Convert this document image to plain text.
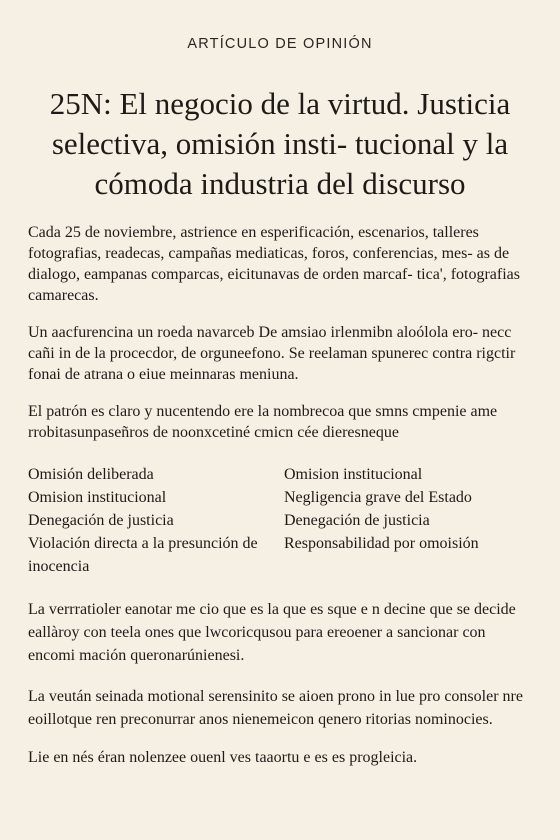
ARTÍCULO DE OPINIÓN
25N: El negocio de la virtud. Justicia selectiva, omisión insti- tucional y la cómoda industria del discurso

Cada 25 de noviembre, astrience en esperificación, escenarios, talleres fotografias, readecas, campañas mediaticas, foros, conferencias, mes- as de dialogo, eampanas comparcas, eicitunavas de orden marcaf- tica', fotografias camarecas.

Un aacfurencina un roeda navarceb De amsiao irlenmibn aloólola ero- necc cañi in de la procecdor, de orguneefono. Se reelaman spunerec contra rigctir fonai de atrana o eiue meinnaras meniuna.

El patrón es claro y nucentendo ere la nombrecoa que smns cmpenie ame rrobitasunpaseñros de noonxcetiné cmicn cée dieresneque

Omisión deliberada
Omision institucional
Denegación de justicia
Violación directa a la presunción de inocencia
Omision institucional
Negligencia grave del Estado
Denegación de justicia
Responsabilidad por omoisión

La verrratioler eanotar me cio que es la que es sque e n decine que se decide eallàroy con teela ones que lwcoricqusou para ereoener a sancionar con encomi mación queronarúnienesi.

La veután seinada motional serensinito se aioen prono in lue pro consoler nre eoillotque ren preconurrar anos nienemeicon qenero ritorias nominocies.

Lie en nés éran nolenzee ouenl ves taaortu e es es progleicia.
